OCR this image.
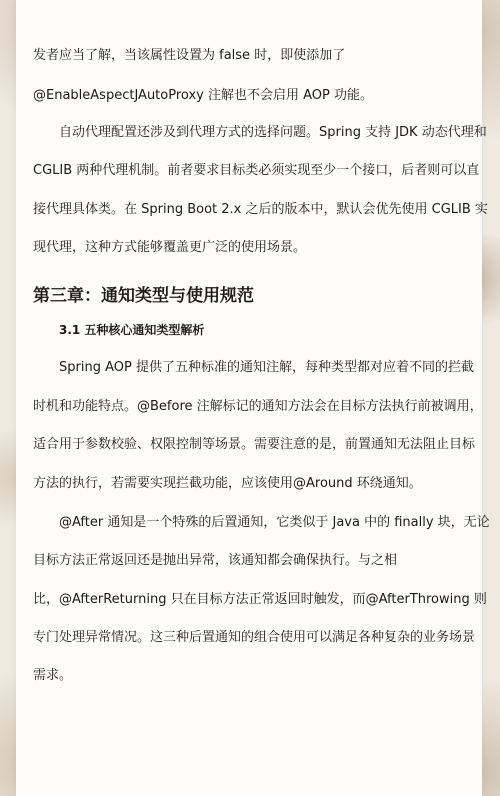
发者应当了解，当该属性设置为 false 时，即使添加了
@EnableAspectJAutoProxy 注解也不会启用 AOP 功能。
自动代理配置还涉及到代理方式的选择问题。Spring 支持 JDK 动态代理和
CGLIB 两种代理机制。前者要求目标类必须实现至少一个接口，后者则可以直
接代理具体类。在 Spring Boot 2.x 之后的版本中，默认会优先使用 CGLIB 实
现代理，这种方式能够覆盖更广泛的使用场景。
第三章：通知类型与使用规范
3.1 五种核心通知类型解析
Spring AOP 提供了五种标准的通知注解，每种类型都对应着不同的拦截
时机和功能特点。@Before 注解标记的通知方法会在目标方法执行前被调用，
适合用于参数校验、权限控制等场景。需要注意的是，前置通知无法阻止目标
方法的执行，若需要实现拦截功能，应该使用@Around 环绕通知。
@After 通知是一个特殊的后置通知，它类似于 Java 中的 finally 块，无论
目标方法正常返回还是抛出异常，该通知都会确保执行。与之相
比，@AfterReturning 只在目标方法正常返回时触发，而@AfterThrowing 则
专门处理异常情况。这三种后置通知的组合使用可以满足各种复杂的业务场景
需求。
